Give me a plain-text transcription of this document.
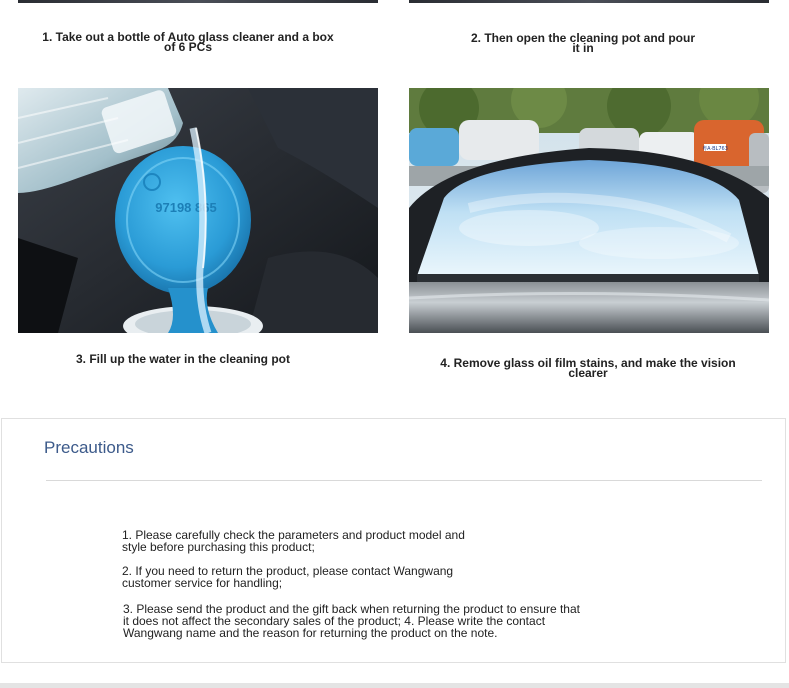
1. Take out a bottle of Auto glass cleaner and a box of 6 PCs
2. Then open the cleaning pot and pour it in
97198 865
粤A·BL763
3. Fill up the water in the cleaning pot	4. Remove glass oil film stains, and make the vision clearer
Precautions
1. Please carefully check the parameters and product model and style before purchasing this product;
2. If you need to return the product, please contact Wangwang customer service for handling;
3. Please send the product and the gift back when returning the product to ensure that it does not affect the secondary sales of the product; 4. Please write the contact Wangwang name and the reason for returning the product on the note.
